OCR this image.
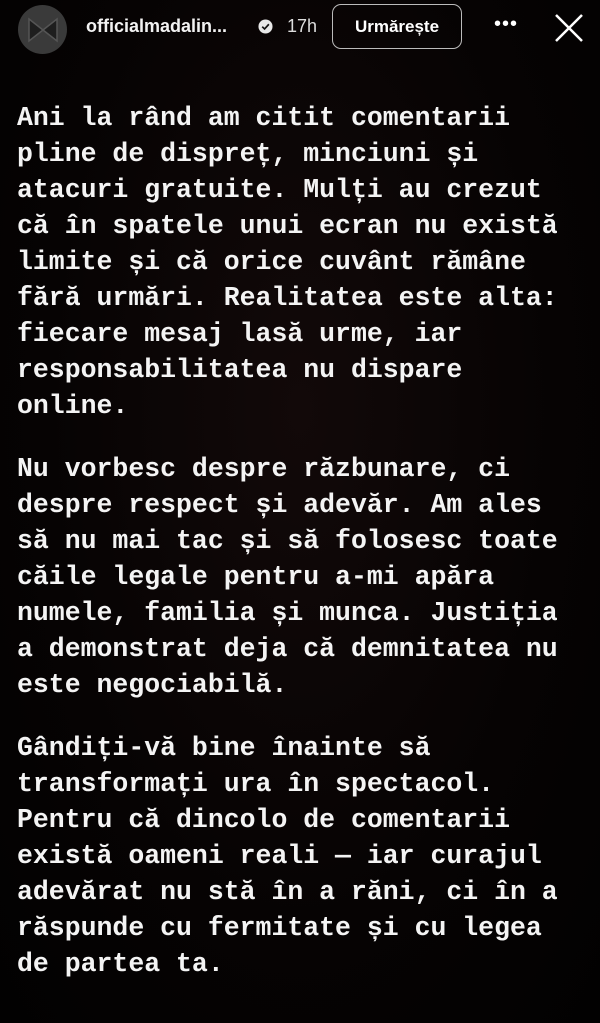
officialmadalin...	17h	Urmărește	•••
Ani la rând am citit comentarii
pline de dispreț, minciuni și
atacuri gratuite. Mulți au crezut
că în spatele unui ecran nu există
limite și că orice cuvânt rămâne
fără urmări. Realitatea este alta:
fiecare mesaj lasă urme, iar
responsabilitatea nu dispare
online.
Nu vorbesc despre răzbunare, ci
despre respect și adevăr. Am ales
să nu mai tac și să folosesc toate
căile legale pentru a-mi apăra
numele, familia și munca. Justiția
a demonstrat deja că demnitatea nu
este negociabilă.
Gândiți-vă bine înainte să
transformați ura în spectacol.
Pentru că dincolo de comentarii
există oameni reali — iar curajul
adevărat nu stă în a răni, ci în a
răspunde cu fermitate și cu legea
de partea ta.
